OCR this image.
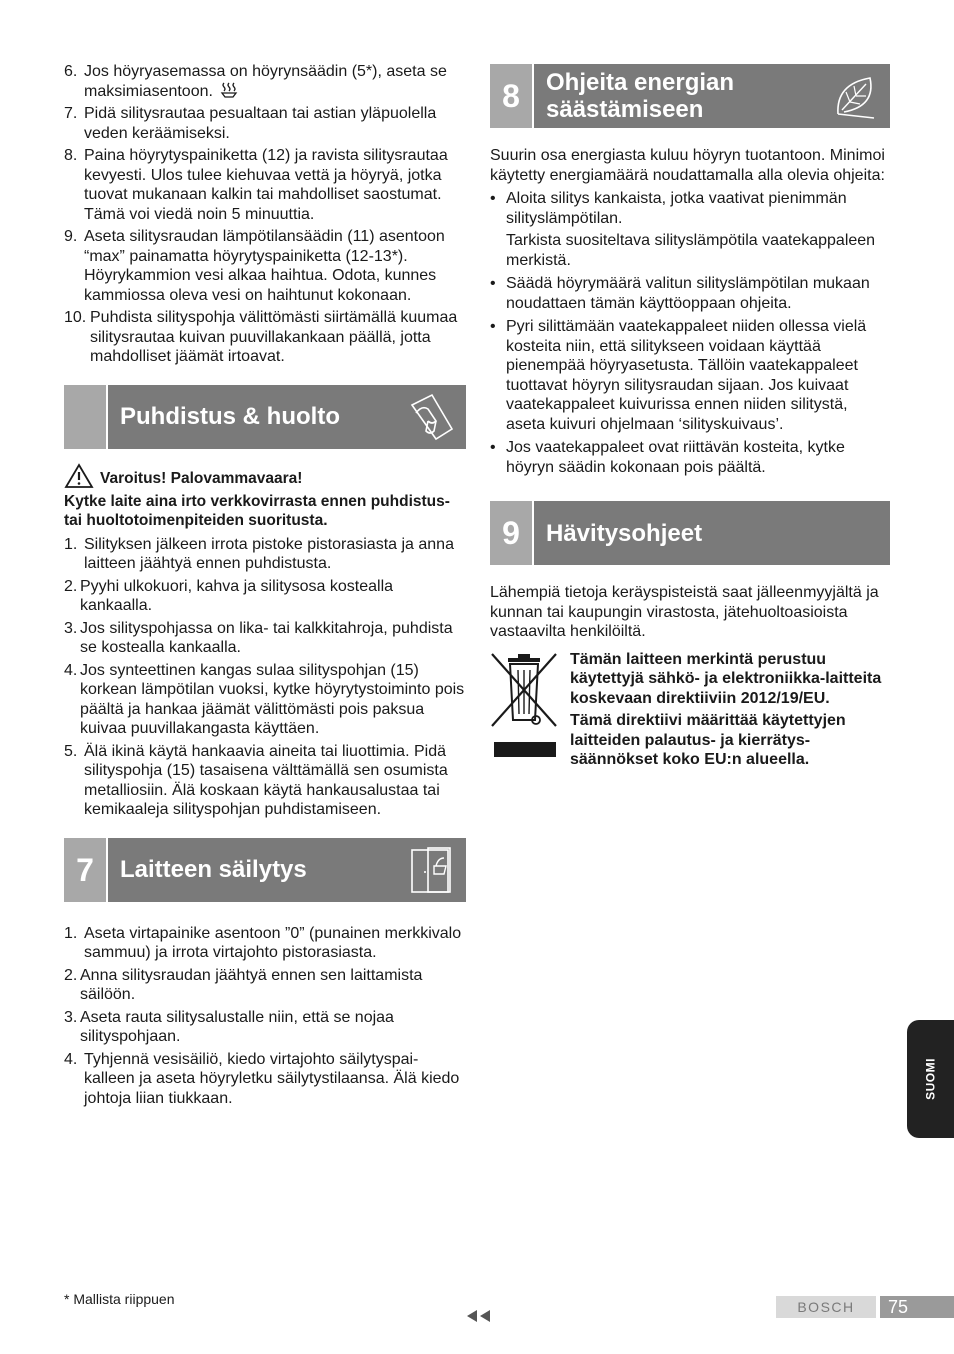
6. Jos höyryasemassa on höyrynsäädin (5*), aseta se maksimiasentoon.
7. Pidä silitysrautaa pesualtaan tai astian yläpuolella veden keräämiseksi.
8. Paina höyrytyspainiketta (12) ja ravista silitysrautaa kevyesti. Ulos tulee kiehuvaa vettä ja höyryä, jotka tuovat mukanaan kalkin tai mahdolliset saostumat. Tämä voi viedä noin 5 minuuttia.
9. Aseta silitysraudan lämpötilansäädin (11) asentoon “max” painamatta höyrytyspainiketta (12-13*). Höyrykammion vesi alkaa haihtua. Odota, kunnes kammiossa oleva vesi on haihtunut kokonaan.
10. Puhdista silityspohja välittömästi siirtämällä kuumaa silitysrautaa kuivan puuvillakankaan päällä, jotta mahdolliset jäämät irtoavat.
Puhdistus & huolto
Varoitus! Palovammavaara!

Kytke laite aina irto verkkovirrasta ennen puhdistus- tai huoltotoimenpiteiden suoritusta.

1. Silityksen jälkeen irrota pistoke pistorasiasta ja anna laitteen jäähtyä ennen puhdistusta.
2. Pyyhi ulkokuori, kahva ja silitysosa kostealla kankaalla.
3. Jos silityspohjassa on lika- tai kalkkitahroja, puhdista se kostealla kankaalla.
4. Jos synteettinen kangas sulaa silityspohjan (15) korkean lämpötilan vuoksi, kytke höyrytystoiminto pois päältä ja hankaa jäämät välittömästi pois paksua kuivaa puuvillakangasta käyttäen.
5. Älä ikinä käytä hankaavia aineita tai liuottimia. Pidä silityspohja (15) tasaisena välttämällä sen osumista metalliosiin. Älä koskaan käytä hankausalustaa tai kemikaaleja silityspohjan puhdistamiseen.
7	Laitteen säilytys
1. Aseta virtapainike asentoon ”0” (punainen merkkivalo sammuu) ja irrota virtajohto pistorasiasta.
2. Anna silitysraudan jäähtyä ennen sen laittamista säilöön.
3. Aseta rauta silitysalustalle niin, että se nojaa silityspohjaan.
4. Tyhjennä vesisäiliö, kiedo virtajohto säilytyspai-kalleen ja aseta höyryletku säilytystilaansa. Älä kiedo johtoja liian tiukkaan.
8	Ohjeita energian säästämiseen

Suurin osa energiasta kuluu höyryn tuotantoon. Minimoi käytetty energiamäärä noudattamalla alla olevia ohjeita:

• Aloita silitys kankaista, jotka vaativat pienimmän silityslämpötilan.

Tarkista suositeltava silityslämpötila vaatekappaleen merkistä.

• Säädä höyrymäärä valitun silityslämpötilan mukaan noudattaen tämän käyttöoppaan ohjeita.
• Pyri silittämään vaatekappaleet niiden ollessa vielä kosteita niin, että silitykseen voidaan käyttää pienempää höyryasetusta. Tällöin vaatekappaleet tuottavat höyryn silitysraudan sijaan. Jos kuivaat vaatekappaleet kuivurissa ennen niiden silitystä, aseta kuivuri ohjelmaan ‘silityskuivaus’.
• Jos vaatekappaleet ovat riittävän kosteita, kytke höyryn säädin kokonaan pois päältä.
9	Hävitysohjeet

Lähempiä tietoja keräyspisteistä saat jälleenmyyjältä ja kunnan tai kaupungin virastosta, jätehuoltoasioista vastaavilta henkilöiltä.

Tämän laitteen merkintä perustuu käytettyjä sähkö- ja elektroniikka-laitteita koskevaan direktiiviin 2012/19/EU.

Tämä direktiivi määrittää käytettyjen laitteiden palautus- ja kierrätys-säännökset koko EU:n alueella.

SUOMI
* Mallista riippuen	BOSCH	75
